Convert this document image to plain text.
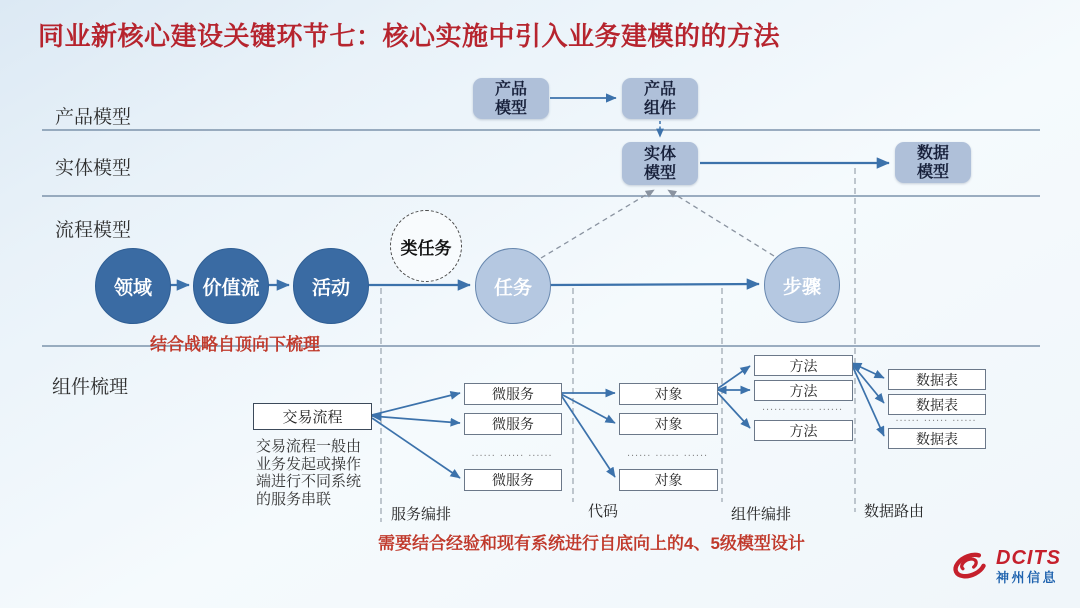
同业新核心建设关键环节七：核心实施中引入业务建模的的方法
产品模型
实体模型
流程模型
组件梳理
产品
模型
产品
组件
实体
模型
数据
模型
领域	价值流	活动
类任务
任务	步骤
结合战略自顶向下梳理
需要结合经验和现有系统进行自底向上的4、5级模型设计
交易流程
交易流程一般由
业务发起或操作
端进行不同系统
的服务串联
微服务
微服务
...... ...... ......
微服务
对象
对象
...... ...... ......
对象
方法
方法
...... ...... ......
方法
数据表
数据表
...... ...... ......
数据表
服务编排	代码	组件编排	数据路由
DCITS
神州信息
